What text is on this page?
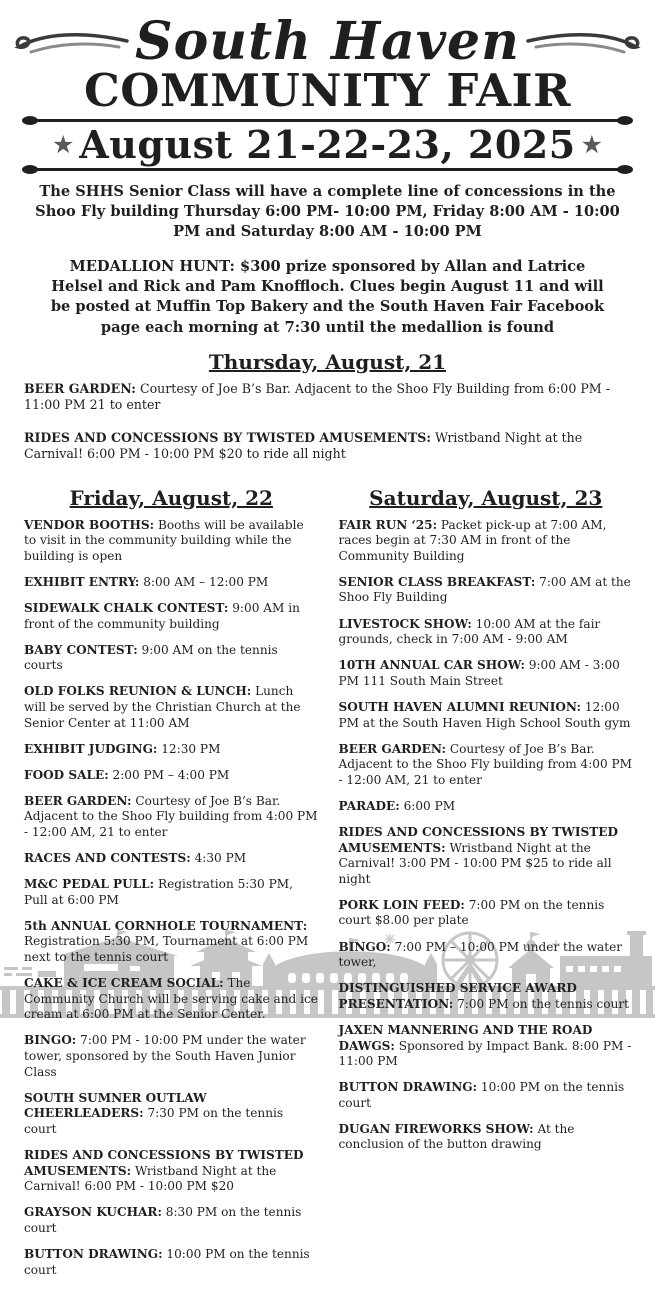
South Haven
COMMUNITY FAIR
★ August 21-22-23, 2025 ★

The SHHS Senior Class will have a complete line of concessions in the Shoo Fly building Thursday 6:00 PM- 10:00 PM, Friday 8:00 AM - 10:00 PM and Saturday 8:00 AM - 10:00 PM

MEDALLION HUNT: $300 prize sponsored by Allan and Latrice Helsel and Rick and Pam Knoffloch. Clues begin August 11 and will be posted at Muffin Top Bakery and the South Haven Fair Facebook page each morning at 7:30 until the medallion is found

Thursday, August, 21

BEER GARDEN: Courtesy of Joe B’s Bar. Adjacent to the Shoo Fly Building from 6:00 PM - 11:00 PM 21 to enter

RIDES AND CONCESSIONS BY TWISTED AMUSEMENTS: Wristband Night at the Carnival! 6:00 PM - 10:00 PM $20 to ride all night

Friday, August, 22

VENDOR BOOTHS: Booths will be available to visit in the community building while the building is open

EXHIBIT ENTRY: 8:00 AM – 12:00 PM

SIDEWALK CHALK CONTEST: 9:00 AM in front of the community building

BABY CONTEST: 9:00 AM on the tennis courts

OLD FOLKS REUNION & LUNCH: Lunch will be served by the Christian Church at the Senior Center at 11:00 AM

EXHIBIT JUDGING: 12:30 PM

FOOD SALE: 2:00 PM – 4:00 PM

BEER GARDEN: Courtesy of Joe B’s Bar. Adjacent to the Shoo Fly building from 4:00 PM - 12:00 AM, 21 to enter

RACES AND CONTESTS: 4:30 PM

M&C PEDAL PULL: Registration 5:30 PM, Pull at 6:00 PM

5th ANNUAL CORNHOLE TOURNAMENT: Registration 5:30 PM, Tournament at 6:00 PM next to the tennis court

CAKE & ICE CREAM SOCIAL: The Community Church will be serving cake and ice cream at 6:00 PM at the Senior Center.

BINGO: 7:00 PM - 10:00 PM under the water tower, sponsored by the South Haven Junior Class

SOUTH SUMNER OUTLAW CHEERLEADERS: 7:30 PM on the tennis court

RIDES AND CONCESSIONS BY TWISTED AMUSEMENTS: Wristband Night at the Carnival! 6:00 PM - 10:00 PM $20

GRAYSON KUCHAR: 8:30 PM on the tennis court

BUTTON DRAWING: 10:00 PM on the tennis court

Saturday, August, 23

FAIR RUN ‘25: Packet pick-up at 7:00 AM, races begin at 7:30 AM in front of the Community Building

SENIOR CLASS BREAKFAST: 7:00 AM at the Shoo Fly Building

LIVESTOCK SHOW: 10:00 AM at the fair grounds, check in 7:00 AM - 9:00 AM

10TH ANNUAL CAR SHOW: 9:00 AM - 3:00 PM 111 South Main Street

SOUTH HAVEN ALUMNI REUNION: 12:00 PM at the South Haven High School South gym

BEER GARDEN: Courtesy of Joe B’s Bar. Adjacent to the Shoo Fly building from 4:00 PM - 12:00 AM, 21 to enter

PARADE: 6:00 PM

RIDES AND CONCESSIONS BY TWISTED AMUSEMENTS: Wristband Night at the Carnival! 3:00 PM - 10:00 PM $25 to ride all night

PORK LOIN FEED: 7:00 PM on the tennis court $8.00 per plate

BINGO: 7:00 PM – 10:00 PM under the water tower,

DISTINGUISHED SERVICE AWARD PRESENTATION: 7:00 PM on the tennis court

JAXEN MANNERING AND THE ROAD DAWGS: Sponsored by Impact Bank. 8:00 PM - 11:00 PM

BUTTON DRAWING: 10:00 PM on the tennis court

DUGAN FIREWORKS SHOW: At the conclusion of the button drawing
